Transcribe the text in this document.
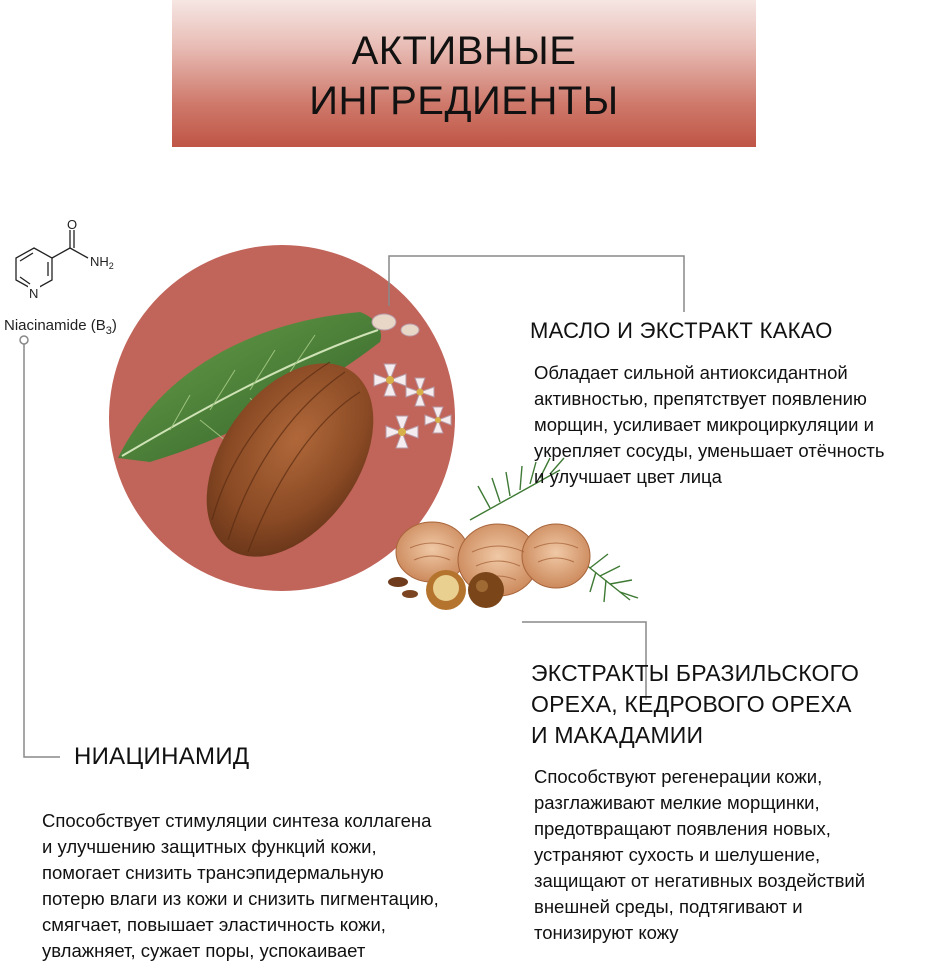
АКТИВНЫЕ
ИНГРЕДИЕНТЫ
O
$NH_2$
N
Niacinamide $(B_3)$	МАСЛО И ЭКСТРАКТ КАКАО
Обладает сильной антиоксидантной
активностью, препятствует появлению
морщин, усиливает микроциркуляции и
укрепляет сосуды, уменьшает отёчность
и улучшает цвет лица
ЭКСТРАКТЫ БРАЗИЛЬСКОГО
ОРЕХА, КЕДРОВОГО ОРЕХА
И МАКАДАМИИ
Способствуют регенерации кожи,
разглаживают мелкие морщинки,
предотвращают появления новых,
устраняют сухость и шелушение,
защищают от негативных воздействий
внешней среды, подтягивают и
тонизируют кожу
НИАЦИНАМИД
Способствует стимуляции синтеза коллагена
и улучшению защитных функций кожи,
помогает снизить трансэпидермальную
потерю влаги из кожи и снизить пигментацию,
смягчает, повышает эластичность кожи,
увлажняет, сужает поры, успокаивает
